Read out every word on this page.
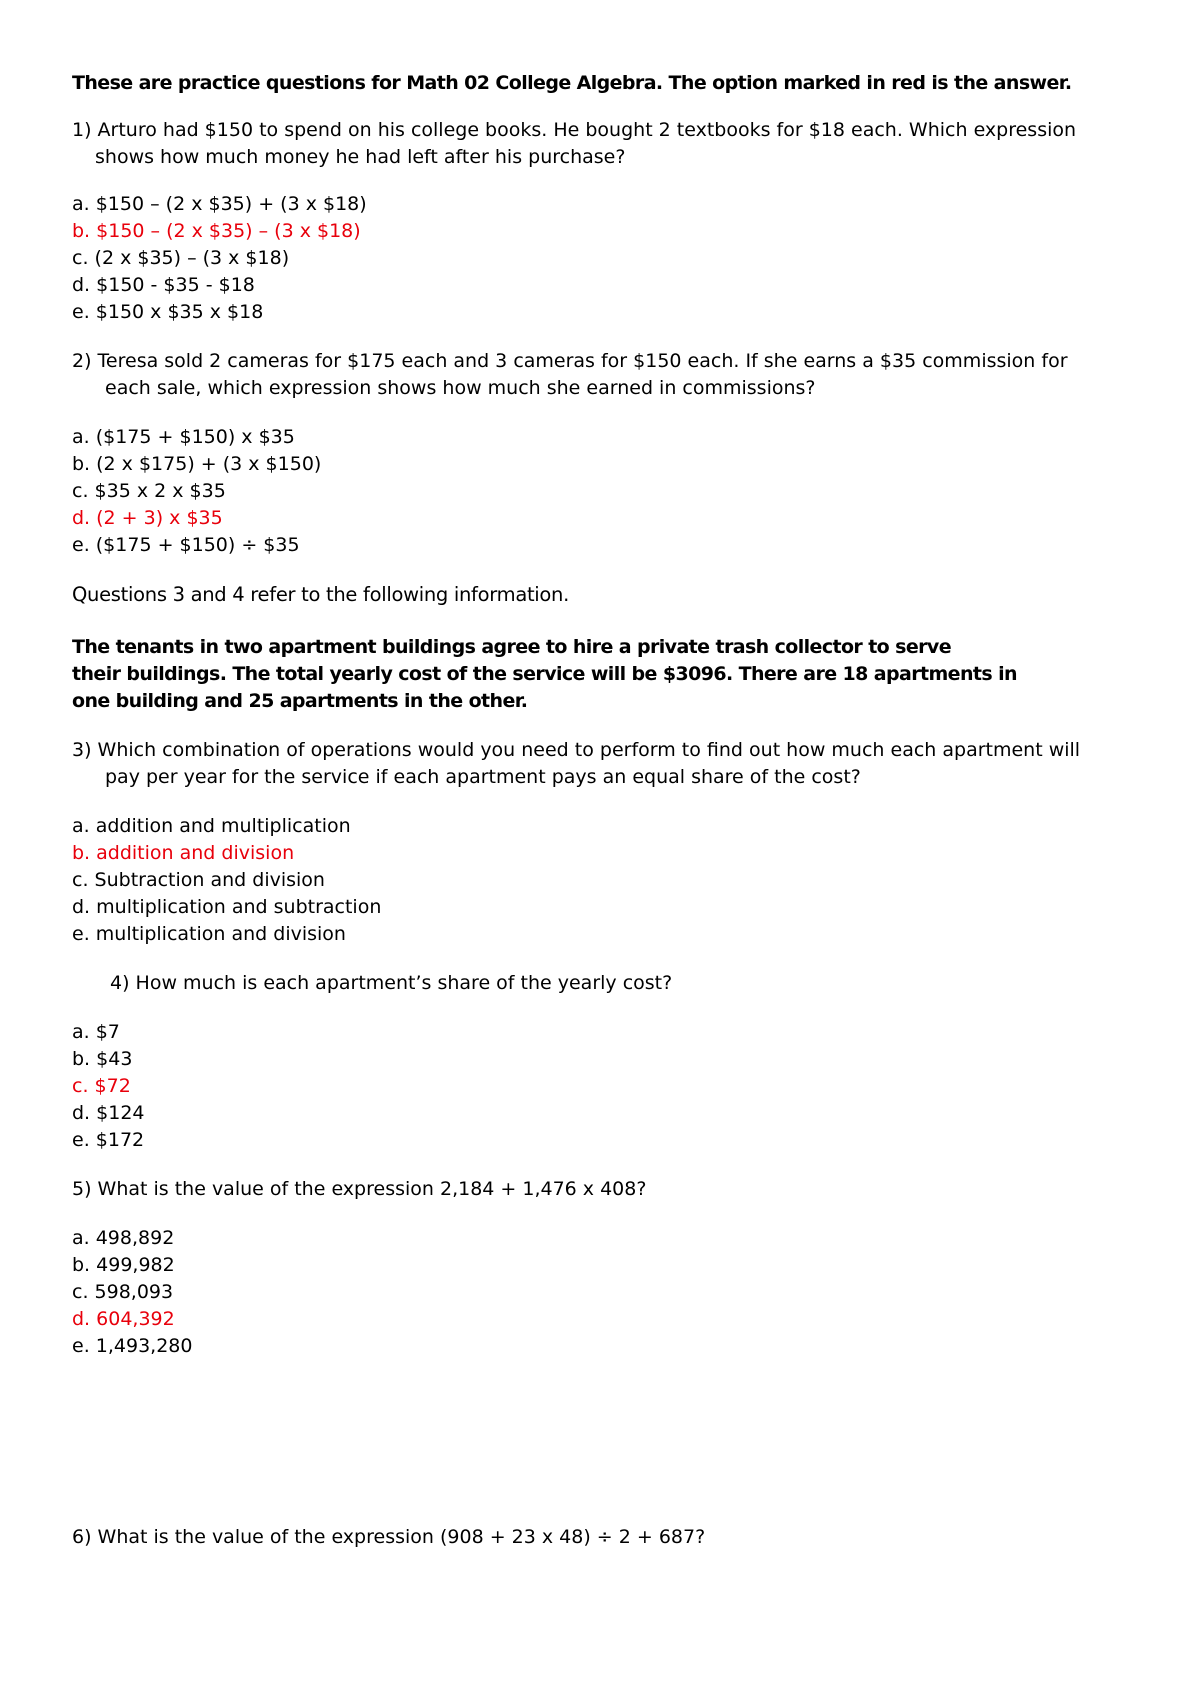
These are practice questions for Math 02 College Algebra. The option marked in red is the answer.

1) Arturo had $150 to spend on his college books. He bought 2 textbooks for $18 each. Which expression

shows how much money he had left after his purchase?

a. $150 – (2 x $35) + (3 x $18)
b. $150 – (2 x $35) – (3 x $18)
c. (2 x $35) – (3 x $18)
d. $150 - $35 - $18
e. $150 x $35 x $18

2) Teresa sold 2 cameras for $175 each and 3 cameras for $150 each. If she earns a $35 commission for

each sale, which expression shows how much she earned in commissions?

a. ($175 + $150) x $35
b. (2 x $175) + (3 x $150)
c. $35 x 2 x $35
d. (2 + 3) x $35
e. ($175 + $150) ÷ $35

Questions 3 and 4 refer to the following information.

The tenants in two apartment buildings agree to hire a private trash collector to serve

their buildings. The total yearly cost of the service will be $3096. There are 18 apartments in

one building and 25 apartments in the other.

3) Which combination of operations would you need to perform to find out how much each apartment will

pay per year for the service if each apartment pays an equal share of the cost?

a. addition and multiplication
b. addition and division
c. Subtraction and division
d. multiplication and subtraction
e. multiplication and division

4) How much is each apartment’s share of the yearly cost?

a. $7
b. $43
c. $72
d. $124
e. $172

5) What is the value of the expression 2,184 + 1,476 x 408?

a. 498,892
b. 499,982
c. 598,093
d. 604,392
e. 1,493,280

6) What is the value of the expression (908 + 23 x 48) ÷ 2 + 687?
